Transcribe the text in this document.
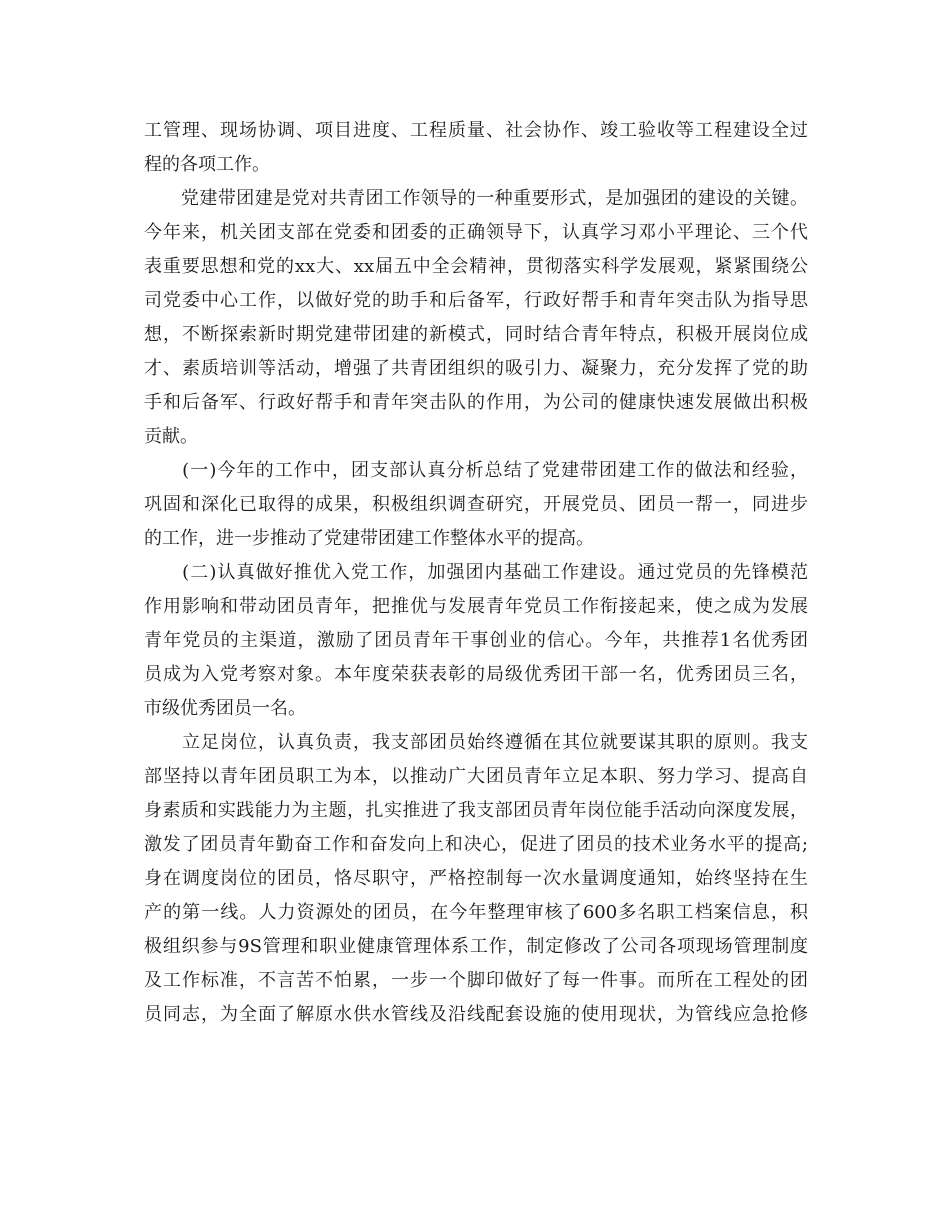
工管理、现场协调、项目进度、工程质量、社会协作、竣工验收等工程建设全过
程的各项工作。
　　党建带团建是党对共青团工作领导的一种重要形式，是加强团的建设的关键。
今年来，机关团支部在党委和团委的正确领导下，认真学习邓小平理论、三个代
表重要思想和党的xx大、xx届五中全会精神，贯彻落实科学发展观，紧紧围绕公
司党委中心工作，以做好党的助手和后备军，行政好帮手和青年突击队为指导思
想，不断探索新时期党建带团建的新模式，同时结合青年特点，积极开展岗位成
才、素质培训等活动，增强了共青团组织的吸引力、凝聚力，充分发挥了党的助
手和后备军、行政好帮手和青年突击队的作用，为公司的健康快速发展做出积极
贡献。
　　(一)今年的工作中，团支部认真分析总结了党建带团建工作的做法和经验，
巩固和深化已取得的成果，积极组织调查研究，开展党员、团员一帮一，同进步
的工作，进一步推动了党建带团建工作整体水平的提高。
　　(二)认真做好推优入党工作，加强团内基础工作建设。通过党员的先锋模范
作用影响和带动团员青年，把推优与发展青年党员工作衔接起来，使之成为发展
青年党员的主渠道，激励了团员青年干事创业的信心。今年，共推荐1名优秀团
员成为入党考察对象。本年度荣获表彰的局级优秀团干部一名，优秀团员三名，
市级优秀团员一名。
　　立足岗位，认真负责，我支部团员始终遵循在其位就要谋其职的原则。我支
部坚持以青年团员职工为本，以推动广大团员青年立足本职、努力学习、提高自
身素质和实践能力为主题，扎实推进了我支部团员青年岗位能手活动向深度发展，
激发了团员青年勤奋工作和奋发向上和决心，促进了团员的技术业务水平的提高;
身在调度岗位的团员，恪尽职守，严格控制每一次水量调度通知，始终坚持在生
产的第一线。人力资源处的团员，在今年整理审核了600多名职工档案信息，积
极组织参与9S管理和职业健康管理体系工作，制定修改了公司各项现场管理制度
及工作标准，不言苦不怕累，一步一个脚印做好了每一件事。而所在工程处的团
员同志，为全面了解原水供水管线及沿线配套设施的使用现状，为管线应急抢修
